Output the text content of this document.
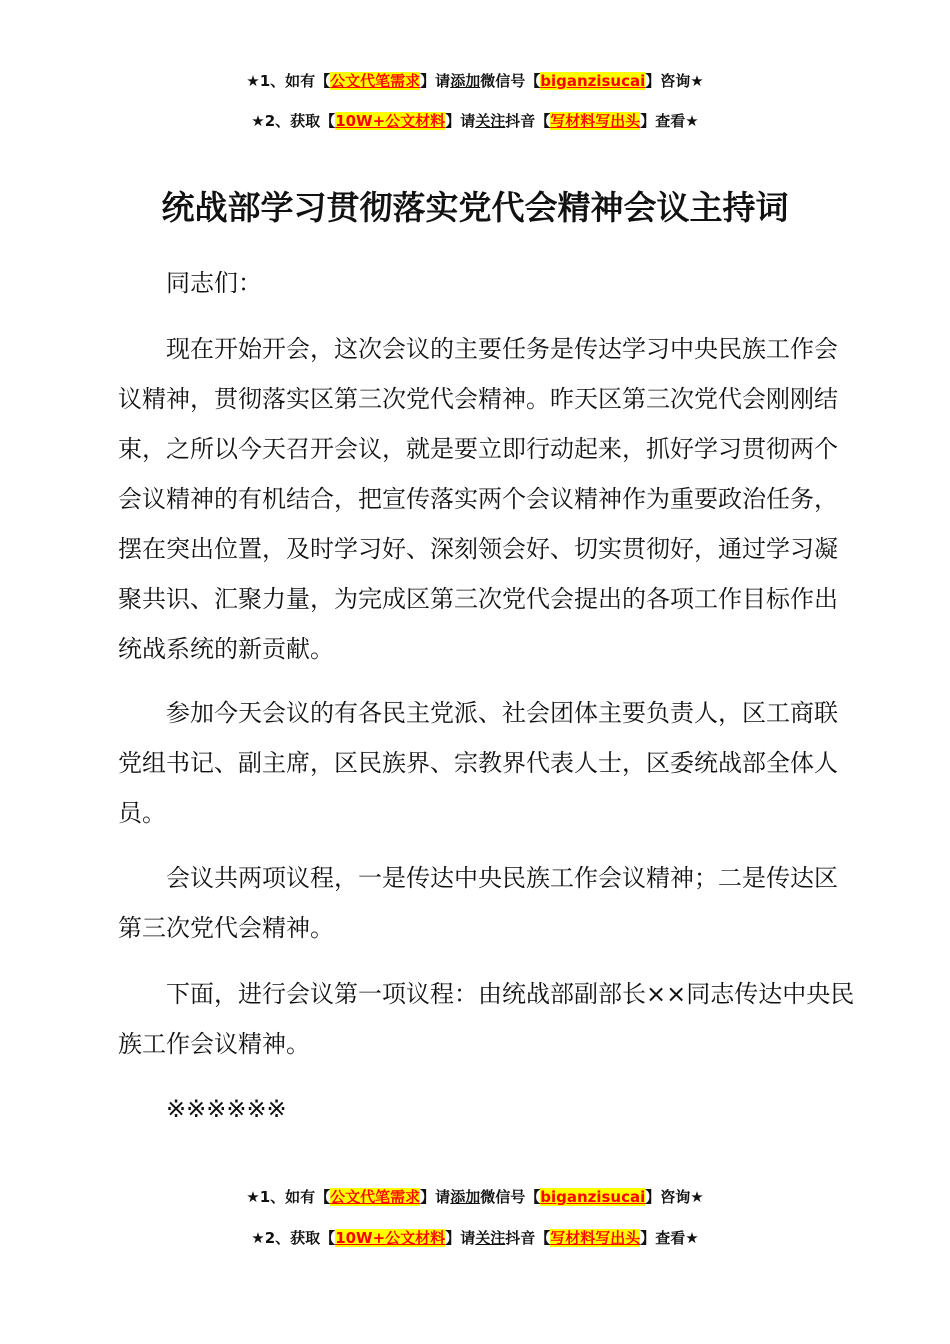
★1、如有【公文代笔需求】请添加微信号【biganzisucai】咨询★
★2、获取【10W+公文材料】请关注抖音【写材料写出头】查看★
统战部学习贯彻落实党代会精神会议主持词

同志们：

现在开始开会，这次会议的主要任务是传达学习中央民族工作会议精神，贯彻落实区第三次党代会精神。昨天区第三次党代会刚刚结束，之所以今天召开会议，就是要立即行动起来，抓好学习贯彻两个会议精神的有机结合，把宣传落实两个会议精神作为重要政治任务，摆在突出位置，及时学习好、深刻领会好、切实贯彻好，通过学习凝聚共识、汇聚力量，为完成区第三次党代会提出的各项工作目标作出统战系统的新贡献。

参加今天会议的有各民主党派、社会团体主要负责人，区工商联党组书记、副主席，区民族界、宗教界代表人士，区委统战部全体人员。

会议共两项议程，一是传达中央民族工作会议精神；二是传达区第三次党代会精神。

下面，进行会议第一项议程：由统战部副部长××同志传达中央民族工作会议精神。

※※※※※※

★1、如有【公文代笔需求】请添加微信号【biganzisucai】咨询★
★2、获取【10W+公文材料】请关注抖音【写材料写出头】查看★
